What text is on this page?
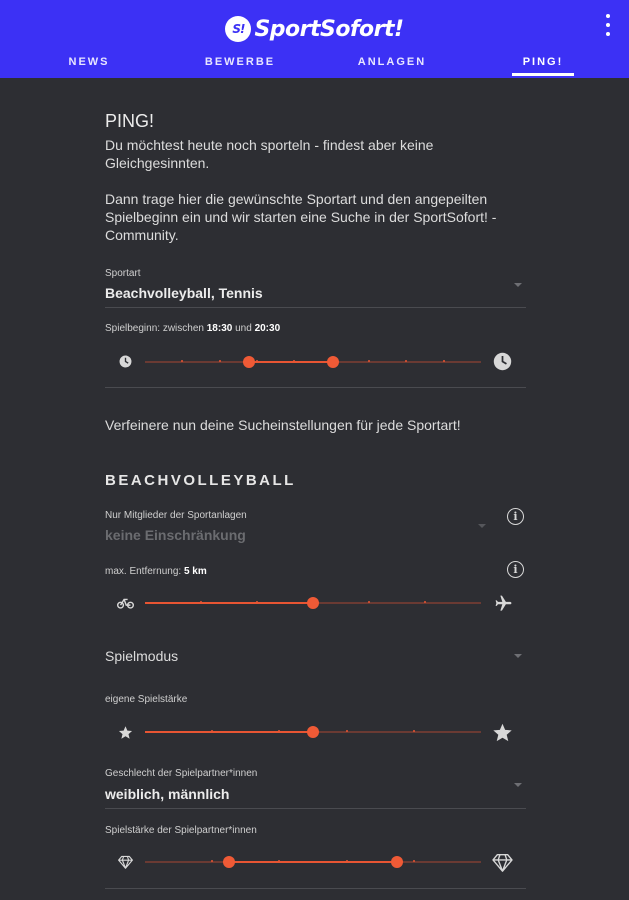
S! SportSofort!
NEWS	BEWERBE	ANLAGEN	PING!
PING!
Du möchtest heute noch sporteln - findest aber keine Gleichgesinnten.
Dann trage hier die gewünschte Sportart und den angepeilten Spielbeginn ein und wir starten eine Suche in der SportSofort! - Community.
Sportart
Beachvolleyball, Tennis
Spielbeginn: zwischen 18:30 und 20:30
Verfeinere nun deine Sucheinstellungen für jede Sportart!
BEACHVOLLEYBALL
Nur Mitglieder der Sportanlagen
keine Einschränkung
i
max. Entfernung: 5 km	i
Spielmodus
eigene Spielstärke
Geschlecht der Spielpartner*innen
weiblich, männlich
Spielstärke der Spielpartner*innen
